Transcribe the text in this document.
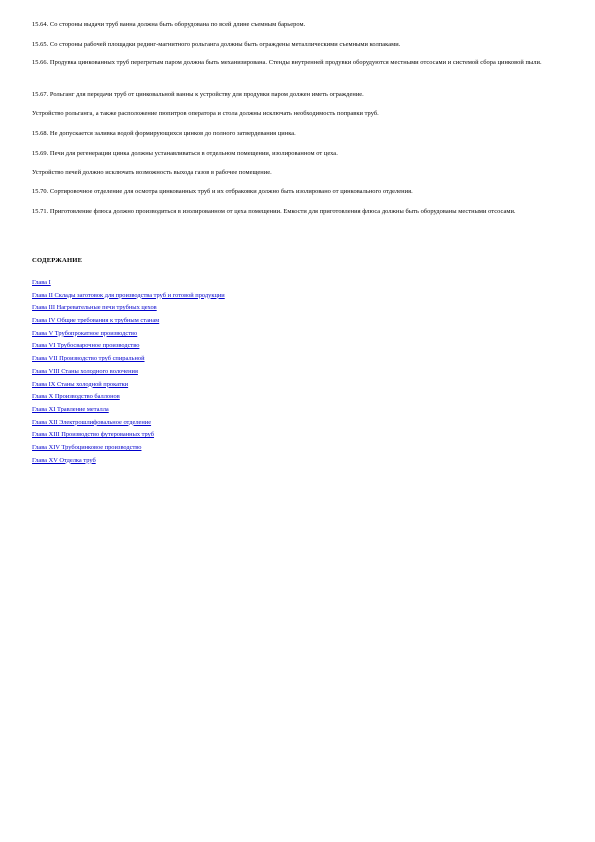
15.64. Со стороны выдачи труб ванна должна быть оборудована по всей длине съемным барьером.

15.65. Со стороны рабочей площадки рединг-магнитного рольганга должны быть ограждены металлическими съемными колпаками.

15.66. Продувка цинкованных труб перегретым паром должна быть механизирована. Стенды внутренней продувки оборудуются местными отсосами и системой сбора цинковой пыли.

15.67. Рольганг для передачи труб от цинковальной ванны к устройству для продувки паром должен иметь ограждение.

Устройство рольганга, а также расположение пюпитров оператора и стола должны исключать необходимость поправки труб.

15.68. Не допускается заливка водой формирующихся цинков до полного затвердевания цинка.

15.69. Печи для регенерации цинка должны устанавливаться в отдельном помещении, изолированном от цеха.

Устройство печей должно исключать возможность выхода газов в рабочее помещение.

15.70. Сортировочное отделение для осмотра цинкованных труб и их отбраковки должно быть изолировано от цинковального отделения.

15.71. Приготовление флюса должно производиться в изолированном от цеха помещении. Емкости для приготовления флюса должны быть оборудованы местными отсосами.

СОДЕРЖАНИЕ
Глава I
Глава II Склады заготовок для производства труб и готовой продукции
Глава III Нагревательные печи трубных цехов
Глава IV Общие требования к трубным станам
Глава V Трубопрокатное производство
Глава VI Трубосварочное производство
Глава VII Производство труб спиральной
Глава VIII Станы холодного волочения
Глава IX Станы холодной прокатки
Глава X Производство баллонов
Глава XI Травление металла
Глава XII Электрошлифовальное отделение
Глава XIII Производство футерованных труб
Глава XIV Трубоцинковое производство
Глава XV Отделка труб
